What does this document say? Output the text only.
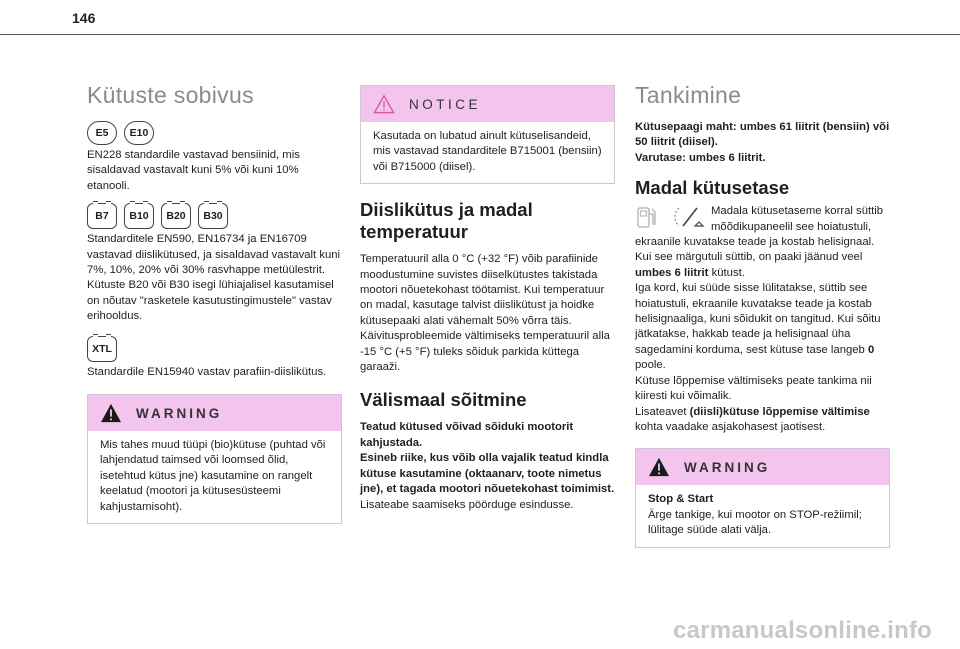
146
Kütuste sobivus
E5	E10

EN228 standardile vastavad bensiinid, mis sisaldavad vastavalt kuni 5% või kuni 10% etanooli.

B7	B10	B20	B30

Standarditele EN590, EN16734 ja EN16709 vastavad diislikütused, ja sisaldavad vastavalt kuni 7%, 10%, 20% või 30% rasvhappe metüülestrit. Kütuste B20 või B30 isegi lühiajalisel kasutamisel on nõutav "rasketele kasutustingimustele" vastav erihooldus.

XTL

Standardile EN15940 vastav parafiin-diislikütus.

WARNING
Mis tahes muud tüüpi (bio)kütuse (puhtad või lahjendatud taimsed või loomsed õlid, isetehtud kütus jne) kasutamine on rangelt keelatud (mootori ja kütusesüsteemi kahjustamisoht).
NOTICE
Kasutada on lubatud ainult kütuselisandeid, mis vastavad standarditele B715001 (bensiin) või B715000 (diisel).
Diislikütus ja madal temperatuur

Temperatuuril alla 0 °C (+32 °F) võib parafiinide moodustumine suvistes diiselkütustes takistada mootori nõuetekohast töötamist. Kui temperatuur on madal, kasutage talvist diislikütust ja hoidke kütusepaaki alati vähemalt 50% võrra täis. Käivitusprobleemide vältimiseks temperatuuril alla -15 °C (+5 °F) tuleks sõiduk parkida küttega garaaži.

Välismaal sõitmine

Teatud kütused võivad sõiduki mootorit kahjustada.
Esineb riike, kus võib olla vajalik teatud kindla kütuse kasutamine (oktaanarv, toote nimetus jne), et tagada mootori nõuetekohast toimimist.

Lisateabe saamiseks pöörduge esindusse.

Tankimine

Kütusepaagi maht: umbes 61 liitrit (bensiin) või 50 liitrit (diisel).
Varutase: umbes 6 liitrit.

Madal kütusetase
Madala kütusetaseme korral süttib mõõdikupaneelil see hoiatustuli, ekraanile kuvatakse teade ja kostab helisignaal. Kui see märgutuli süttib, on paaki jäänud veel umbes 6 liitrit kütust.

Iga kord, kui süüde sisse lülitatakse, süttib see hoiatustuli, ekraanile kuvatakse teade ja kostab helisignaaliga, kuni sõidukit on tangitud. Kui sõitu jätkatakse, hakkab teade ja helisignaal üha sagedamini korduma, sest kütuse tase langeb 0 poole.

Kütuse lõppemise vältimiseks peate tankima nii kiiresti kui võimalik.

Lisateavet (diisli)kütuse lõppemise vältimise kohta vaadake asjakohasest jaotisest.

WARNING
Stop & Start
Ärge tankige, kui mootor on STOP-režiimil; lülitage süüde alati välja.
carmanualsonline.info
